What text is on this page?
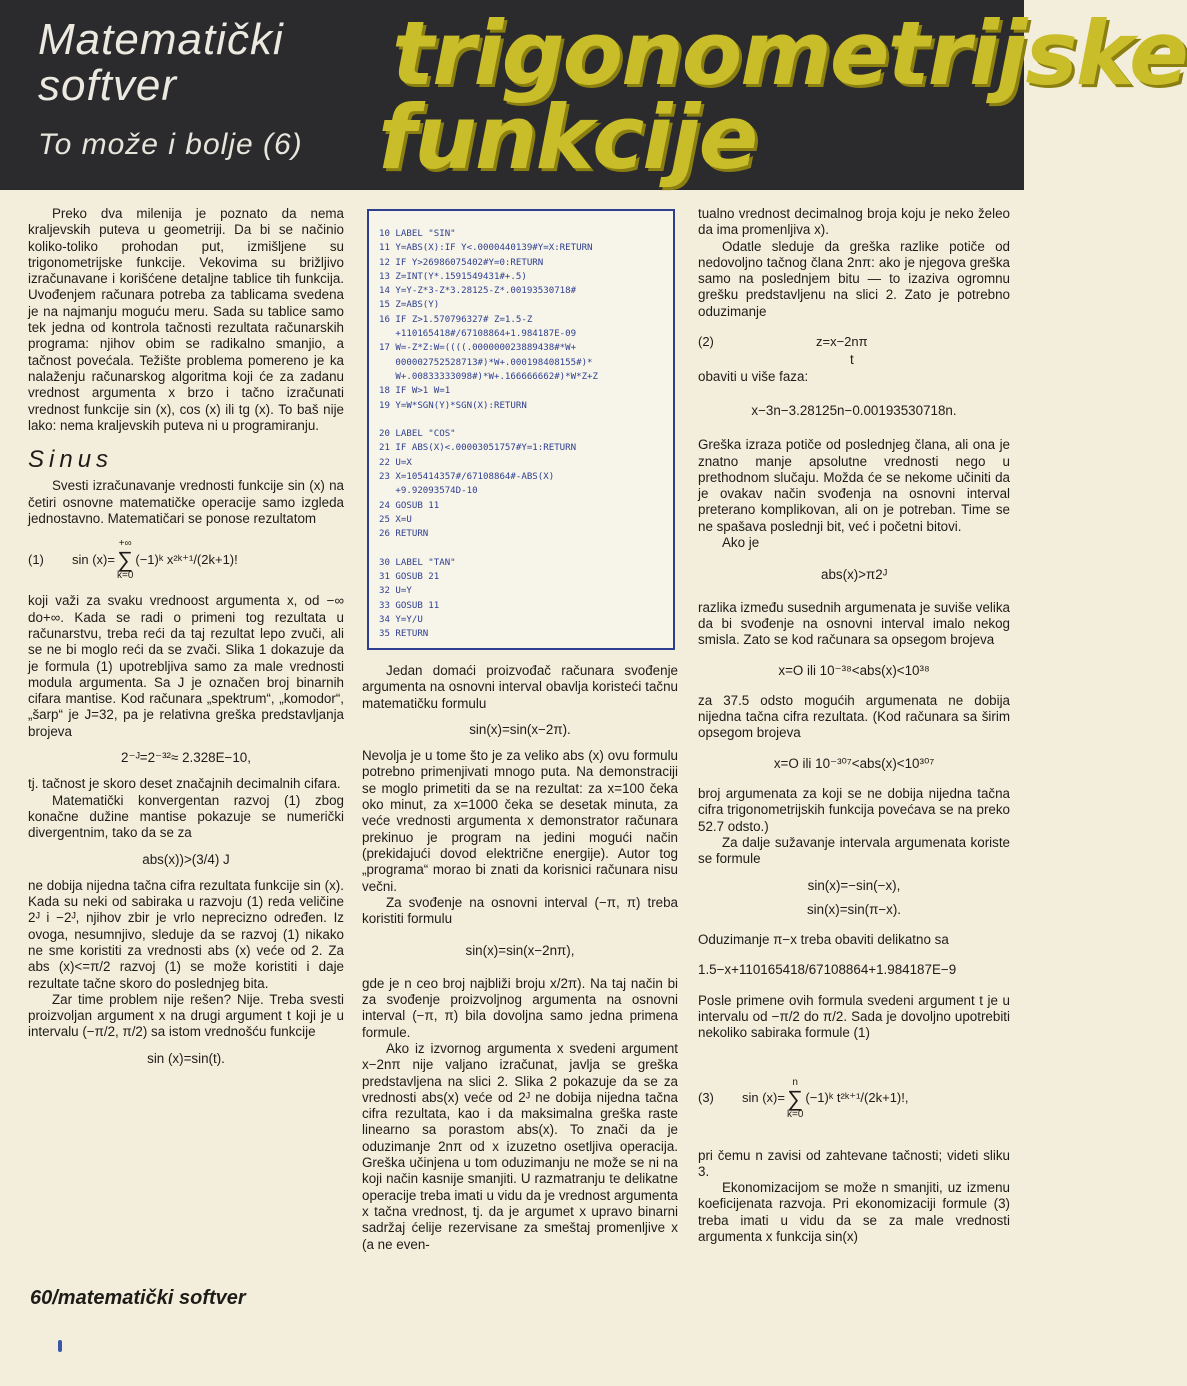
Matematički
softver
To može i bolje (6)
trigonometrijske
funkcije

Preko dva milenija je poznato da nema kraljevskih puteva u geometriji. Da bi se načinio koliko-toliko prohodan put, izmišljene su trigonometrijske funkcije. Vekovima su brižljivo izračunavane i korišćene detaljne tablice tih funkcija. Uvođenjem računara potreba za tablicama svedena je na najmanju moguću meru. Sada su tablice samo tek jedna od kontrola tačnosti rezultata računarskih programa: njihov obim se radikalno smanjio, a tačnost povećala. Težište problema pomereno je ka nalaženju računarskog algoritma koji će za zadanu vrednost argumenta x brzo i tačno izračunati vrednost funkcije sin (x), cos (x) ili tg (x). To baš nije lako: nema kraljevskih puteva ni u programiranju.

Sinus

Svesti izračunavanje vrednosti funkcije sin (x) na četiri osnovne matematičke operacije samo izgleda jednostavno. Matematičari se ponose rezultatom

(1)	sin (x)=
+∞
∑
k=0
(−1)ᵏ x²ᵏ⁺¹/(2k+1)!

koji važi za svaku vrednoost argumenta x, od −∞ do+∞. Kada se radi o primeni tog rezultata u računarstvu, treba reći da taj rezultat lepo zvuči, ali se ne bi moglo reći da se zvači. Slika 1 dokazuje da je formula (1) upotrebljiva samo za male vrednosti modula argumenta. Sa J je označen broj binarnih cifara mantise. Kod računara „spektrum“, „komodor“, „šarp“ je J=32, pa je relativna greška predstavljanja brojeva

2⁻ᴶ=2⁻³²≈ 2.328E−10,

tj. tačnost je skoro deset značajnih decimalnih cifara.

Matematički konvergentan razvoj (1) zbog konačne dužine mantise pokazuje se numerički divergentnim, tako da se za

abs(x))>(3/4) J

ne dobija nijedna tačna cifra rezultata funkcije sin (x). Kada su neki od sabiraka u razvoju (1) reda veličine 2ᴶ i −2ᴶ, njihov zbir je vrlo neprecizno određen. Iz ovoga, nesumnjivo, sleduje da se razvoj (1) nikako ne sme koristiti za vrednosti abs (x) veće od 2. Za abs (x)<=π/2 razvoj (1) se može koristiti i daje rezultate tačne skoro do poslednjeg bita.

Zar time problem nije rešen? Nije. Treba svesti proizvoljan argument x na drugi argument t koji je u intervalu (−π/2, π/2) sa istom vrednošću funkcije

sin (x)=sin(t).

10 LABEL "SIN"
11 Y=ABS(X):IF Y<.0000440139#Y=X:RETURN
12 IF Y>26986075402#Y=0:RETURN
13 Z=INT(Y*.1591549431#+.5)
14 Y=Y-Z*3-Z*3.28125-Z*.00193530718#
15 Z=ABS(Y)
16 IF Z>1.570796327# Z=1.5-Z
+110165418#/67108864+1.984187E-09
17 W=-Z*Z:W=((((.000000023889438#*W+
000002752528713#)*W+.000198408155#)*
W+.00833333098#)*W+.166666662#)*W*Z+Z
18 IF W>1 W=1
19 Y=W*SGN(Y)*SGN(X):RETURN

20 LABEL "COS"
21 IF ABS(X)<.00003051757#Y=1:RETURN
22 U=X
23 X=105414357#/67108864#-ABS(X)
+9.92093574D-10
24 GOSUB 11
25 X=U
26 RETURN

30 LABEL "TAN"
31 GOSUB 21
32 U=Y
33 GOSUB 11
34 Y=Y/U
35 RETURN

Jedan domaći proizvođač računara svođenje argumenta na osnovni interval obavlja koristeći tačnu matematičku formulu

sin(x)=sin(x−2π).

Nevolja je u tome što je za veliko abs (x) ovu formulu potrebno primenjivati mnogo puta. Na demonstraciji se moglo primetiti da se na rezultat: za x=100 čeka oko minut, za x=1000 čeka se desetak minuta, za veće vrednosti argumenta x demonstrator računara prekinuo je program na jedini mogući način (prekidajući dovod električne energije). Autor tog „programa“ morao bi znati da korisnici računara nisu večni.

Za svođenje na osnovni interval (−π, π) treba koristiti formulu

sin(x)=sin(x−2nπ),

gde je n ceo broj najbliži broju x/2π). Na taj način bi za svođenje proizvoljnog argumenta na osnovni interval (−π, π) bila dovoljna samo jedna primena formule.

Ako iz izvornog argumenta x svedeni argument x−2nπ nije valjano izračunat, javlja se greška predstavljena na slici 2. Slika 2 pokazuje da se za vrednosti abs(x) veće od 2ᴶ ne dobija nijedna tačna cifra rezultata, kao i da maksimalna greška raste linearno sa porastom abs(x). To znači da je oduzimanje 2nπ od x izuzetno osetljiva operacija. Greška učinjena u tom oduzimanju ne može se ni na koji način kasnije smanjiti. U razmatranju te delikatne operacije treba imati u vidu da je vrednost argumenta x tačna vrednost, tj. da je argumet x upravo binarni sadržaj ćelije rezervisane za smeštaj promenljive x (a ne even-

tualno vrednost decimalnog broja koju je neko želeo da ima promenljiva x).

Odatle sleduje da greška razlike potiče od nedovoljno tačnog člana 2nπ: ako je njegova greška samo na poslednjem bitu — to izaziva ogromnu grešku predstavljenu na slici 2. Zato je potrebno oduzimanje

(2)	z=x−2nπ

t

obaviti u više faza:

x−3n−3.28125n−0.00193530718n.

Greška izraza potiče od poslednjeg člana, ali ona je znatno manje apsolutne vrednosti nego u prethodnom slučaju. Možda će se nekome učiniti da je ovakav način svođenja na osnovni interval preterano komplikovan, ali on je potreban. Time se ne spašava poslednji bit, već i početni bitovi.

Ako je

abs(x)>π2ᴶ

razlika između susednih argumenata je suviše velika da bi svođenje na osnovni interval imalo nekog smisla. Zato se kod računara sa opsegom brojeva

x=O ili 10⁻³⁸<abs(x)<10³⁸

za 37.5 odsto mogućih argumenata ne dobija nijedna tačna cifra rezultata. (Kod računara sa širim opsegom brojeva

x=O ili 10⁻³⁰⁷<abs(x)<10³⁰⁷

broj argumenata za koji se ne dobija nijedna tačna cifra trigonometrijskih funkcija povećava se na preko 52.7 odsto.)

Za dalje sužavanje intervala argumenata koriste se formule

sin(x)=−sin(−x),

sin(x)=sin(π−x).

Oduzimanje π−x treba obaviti delikatno sa

1.5−x+110165418/67108864+1.984187E−9

Posle primene ovih formula svedeni argument t je u intervalu od −π/2 do π/2. Sada je dovoljno upotrebiti nekoliko sabiraka formule (1)

(3)	sin (x)=
n
∑
k=0
(−1)ᵏ t²ᵏ⁺¹/(2k+1)!,

pri čemu n zavisi od zahtevane tačnosti; videti sliku 3.

Ekonomizacijom se može n smanjiti, uz izmenu koeficijenata razvoja. Pri ekonomizaciji formule (3) treba imati u vidu da se za male vrednosti argumenta x funkcija sin(x)

60/matematički softver
